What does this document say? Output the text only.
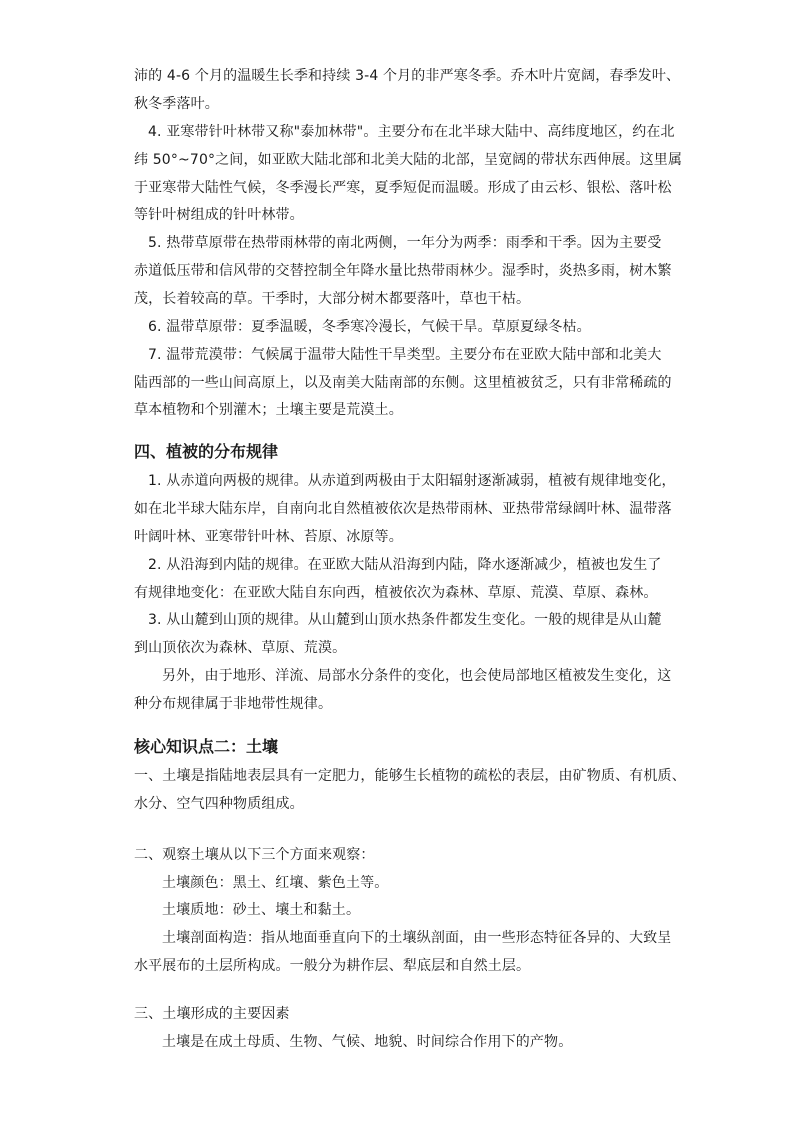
沛的 4-6 个月的温暖生长季和持续 3-4 个月的非严寒冬季。乔木叶片宽阔，春季发叶、
秋冬季落叶。
4. 亚寒带针叶林带又称"泰加林带"。主要分布在北半球大陆中、高纬度地区，约在北
纬 50°~70°之间，如亚欧大陆北部和北美大陆的北部，呈宽阔的带状东西伸展。这里属
于亚寒带大陆性气候，冬季漫长严寒，夏季短促而温暖。形成了由云杉、银松、落叶松
等针叶树组成的针叶林带。
5. 热带草原带在热带雨林带的南北两侧，一年分为两季：雨季和干季。因为主要受
赤道低压带和信风带的交替控制全年降水量比热带雨林少。湿季时，炎热多雨，树木繁
茂，长着较高的草。干季时，大部分树木都要落叶，草也干枯。
6. 温带草原带：夏季温暖，冬季寒冷漫长，气候干旱。草原夏绿冬枯。
7. 温带荒漠带：气候属于温带大陆性干旱类型。主要分布在亚欧大陆中部和北美大
陆西部的一些山间高原上，以及南美大陆南部的东侧。这里植被贫乏，只有非常稀疏的
草本植物和个别灌木；土壤主要是荒漠土。
四、植被的分布规律
1. 从赤道向两极的规律。从赤道到两极由于太阳辐射逐渐减弱，植被有规律地变化，
如在北半球大陆东岸，自南向北自然植被依次是热带雨林、亚热带常绿阔叶林、温带落
叶阔叶林、亚寒带针叶林、苔原、冰原等。
2. 从沿海到内陆的规律。在亚欧大陆从沿海到内陆，降水逐渐减少，植被也发生了
有规律地变化：在亚欧大陆自东向西，植被依次为森林、草原、荒漠、草原、森林。
3. 从山麓到山顶的规律。从山麓到山顶水热条件都发生变化。一般的规律是从山麓
到山顶依次为森林、草原、荒漠。
另外，由于地形、洋流、局部水分条件的变化，也会使局部地区植被发生变化，这
种分布规律属于非地带性规律。
核心知识点二：土壤
一、土壤是指陆地表层具有一定肥力，能够生长植物的疏松的表层，由矿物质、有机质、
水分、空气四种物质组成。
二、观察土壤从以下三个方面来观察：
土壤颜色：黑土、红壤、紫色土等。
土壤质地：砂土、壤土和黏土。
土壤剖面构造：指从地面垂直向下的土壤纵剖面，由一些形态特征各异的、大致呈
水平展布的土层所构成。一般分为耕作层、犁底层和自然土层。
三、土壤形成的主要因素
土壤是在成土母质、生物、气候、地貌、时间综合作用下的产物。
